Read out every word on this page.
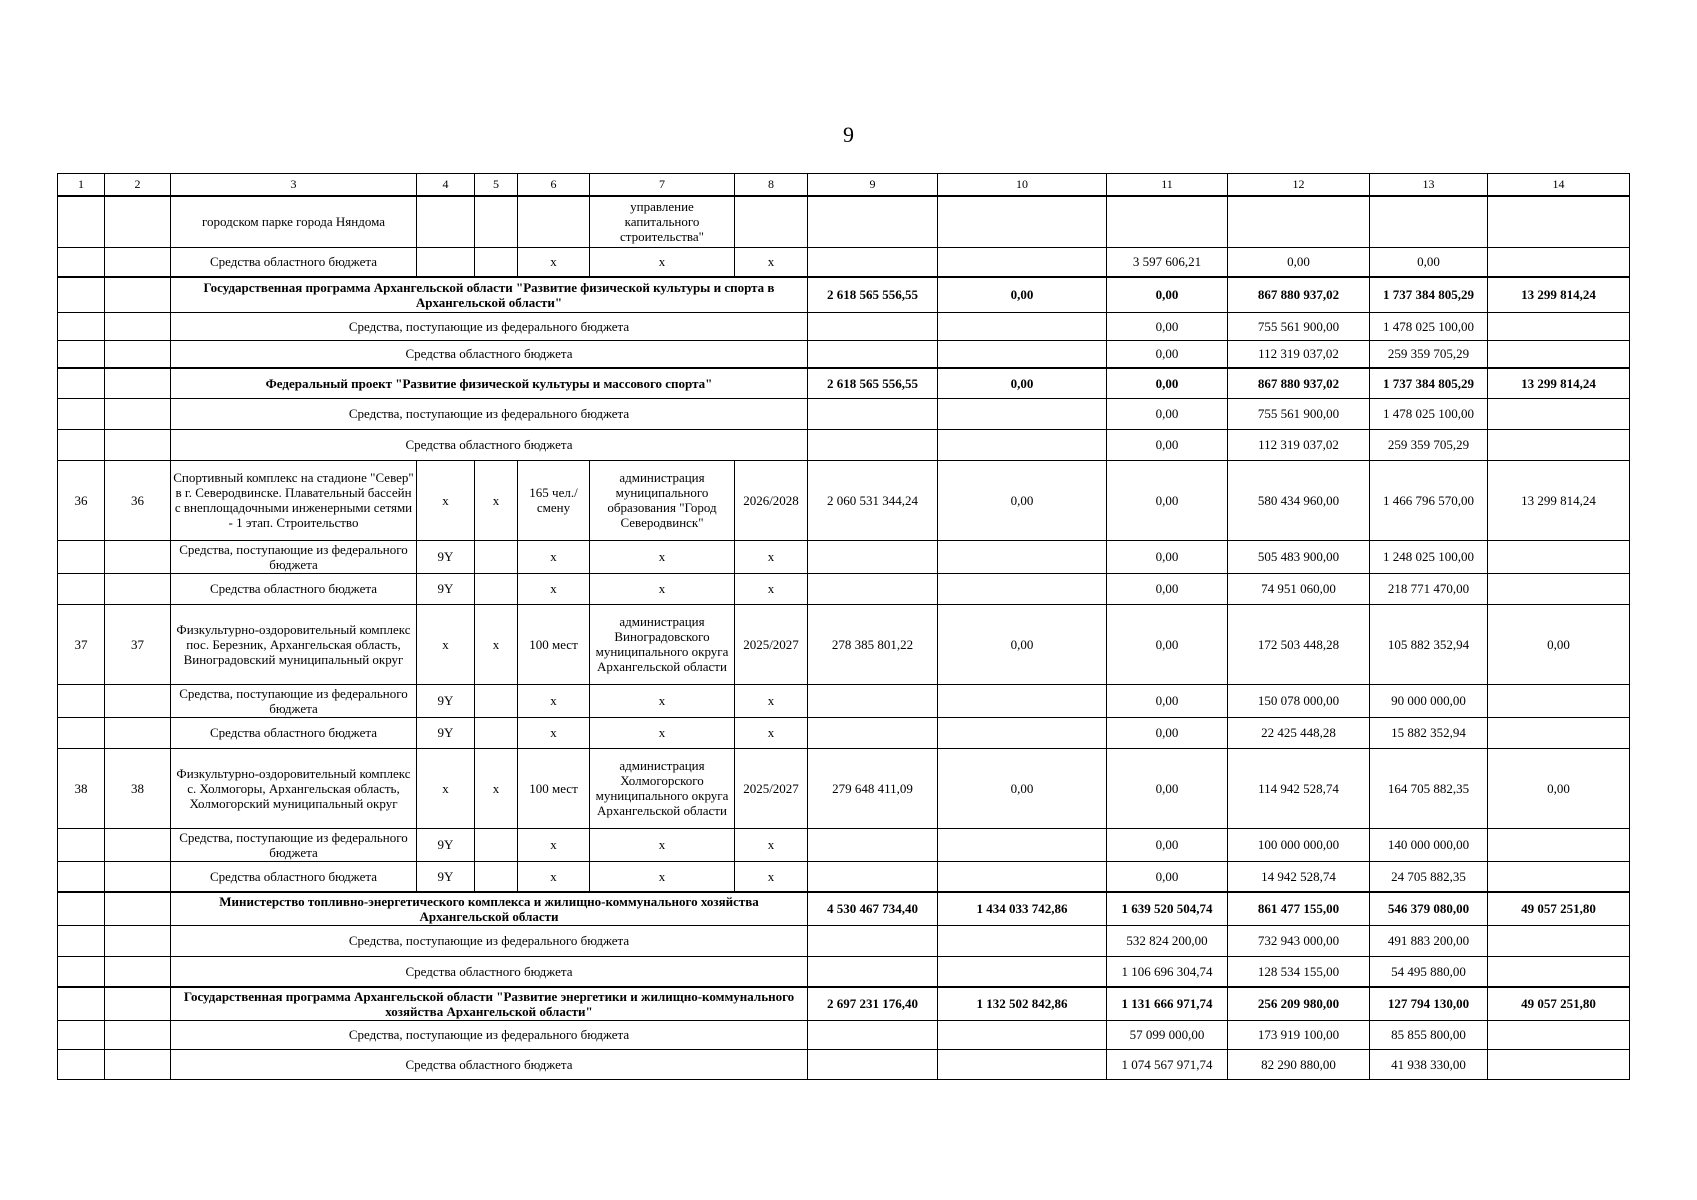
9
1	2	3	4	5	6	7	8	9	10	11	12	13	14
		городском парке города Няндома				управление капитального строительства"							
		Средства областного бюджета			х	х	х			3 597 606,21	0,00	0,00	
		Государственная программа Архангельской области "Развитие физической культуры и спорта в Архангельской области"						2 618 565 556,55	0,00	0,00	867 880 937,02	1 737 384 805,29	13 299 814,24
		Средства, поступающие из федерального бюджета								0,00	755 561 900,00	1 478 025 100,00	
		Средства областного бюджета								0,00	112 319 037,02	259 359 705,29	
		Федеральный проект "Развитие физической культуры и массового спорта"						2 618 565 556,55	0,00	0,00	867 880 937,02	1 737 384 805,29	13 299 814,24
		Средства, поступающие из федерального бюджета								0,00	755 561 900,00	1 478 025 100,00	
		Средства областного бюджета								0,00	112 319 037,02	259 359 705,29	
36	36	Спортивный комплекс на стадионе "Север" в г. Северодвинске. Плавательный бассейн с внеплощадочными инженерными сетями - 1 этап. Строительство	х	х	165 чел./смену	администрация муниципального образования "Город Северодвинск"	2026/2028	2 060 531 344,24	0,00	0,00	580 434 960,00	1 466 796 570,00	13 299 814,24
		Средства, поступающие из федерального бюджета	9Y		х	х	х			0,00	505 483 900,00	1 248 025 100,00	
		Средства областного бюджета	9Y		х	х	х			0,00	74 951 060,00	218 771 470,00	
37	37	Физкультурно-оздоровительный комплекс пос. Березник, Архангельская область, Виноградовский муниципальный округ	х	х	100 мест	администрация Виноградовского муниципального округа Архангельской области	2025/2027	278 385 801,22	0,00	0,00	172 503 448,28	105 882 352,94	0,00
		Средства, поступающие из федерального бюджета	9Y		х	х	х			0,00	150 078 000,00	90 000 000,00	
		Средства областного бюджета	9Y		х	х	х			0,00	22 425 448,28	15 882 352,94	
38	38	Физкультурно-оздоровительный комплекс с. Холмогоры, Архангельская область, Холмогорский муниципальный округ	х	х	100 мест	администрация Холмогорского муниципального округа Архангельской области	2025/2027	279 648 411,09	0,00	0,00	114 942 528,74	164 705 882,35	0,00
		Средства, поступающие из федерального бюджета	9Y		х	х	х			0,00	100 000 000,00	140 000 000,00	
		Средства областного бюджета	9Y		х	х	х			0,00	14 942 528,74	24 705 882,35	
		Министерство топливно-энергетического комплекса и жилищно-коммунального хозяйства Архангельской области						4 530 467 734,40	1 434 033 742,86	1 639 520 504,74	861 477 155,00	546 379 080,00	49 057 251,80
		Средства, поступающие из федерального бюджета								532 824 200,00	732 943 000,00	491 883 200,00	
		Средства областного бюджета								1 106 696 304,74	128 534 155,00	54 495 880,00	
		Государственная программа Архангельской области "Развитие энергетики и жилищно-коммунального хозяйства Архангельской области"						2 697 231 176,40	1 132 502 842,86	1 131 666 971,74	256 209 980,00	127 794 130,00	49 057 251,80
		Средства, поступающие из федерального бюджета								57 099 000,00	173 919 100,00	85 855 800,00	
		Средства областного бюджета								1 074 567 971,74	82 290 880,00	41 938 330,00	
